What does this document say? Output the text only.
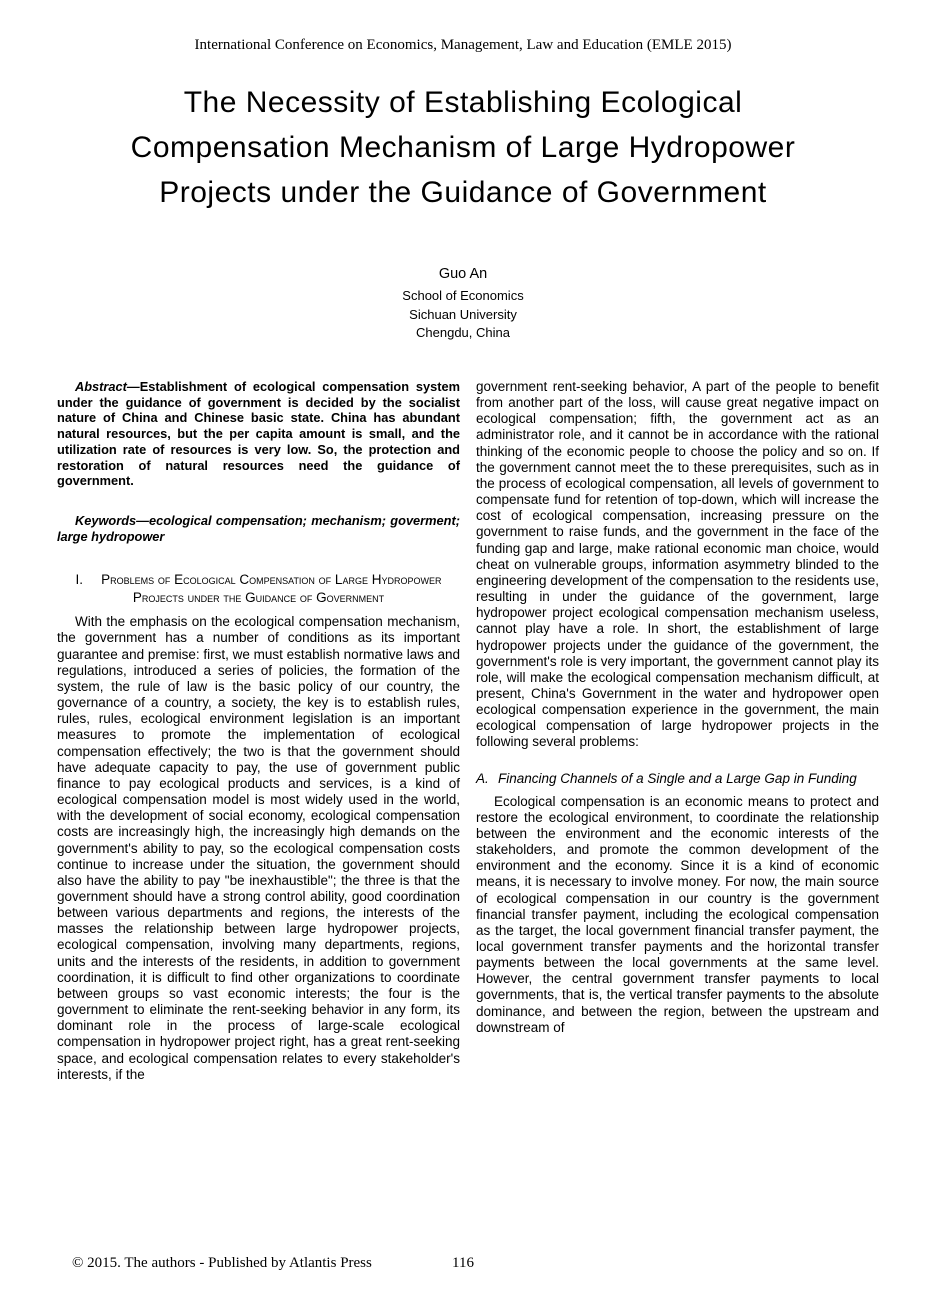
International Conference on Economics, Management, Law and Education (EMLE 2015)
The Necessity of Establishing Ecological
Compensation Mechanism of Large Hydropower
Projects under the Guidance of Government
Guo An
School of Economics
Sichuan University
Chengdu, China

Abstract—Establishment of ecological compensation system under the guidance of government is decided by the socialist nature of China and Chinese basic state. China has abundant natural resources, but the per capita amount is small, and the utilization rate of resources is very low. So, the protection and restoration of natural resources need the guidance of government.

Keywords—ecological compensation; mechanism; goverment; large hydropower

I. Problems of Ecological Compensation of Large Hydropower Projects under the Guidance of Government

With the emphasis on the ecological compensation mechanism, the government has a number of conditions as its important guarantee and premise: first, we must establish normative laws and regulations, introduced a series of policies, the formation of the system, the rule of law is the basic policy of our country, the governance of a country, a society, the key is to establish rules, rules, rules, ecological environment legislation is an important measures to promote the implementation of ecological compensation effectively; the two is that the government should have adequate capacity to pay, the use of government public finance to pay ecological products and services, is a kind of ecological compensation model is most widely used in the world, with the development of social economy, ecological compensation costs are increasingly high, the increasingly high demands on the government's ability to pay, so the ecological compensation costs continue to increase under the situation, the government should also have the ability to pay "be inexhaustible"; the three is that the government should have a strong control ability, good coordination between various departments and regions, the interests of the masses the relationship between large hydropower projects, ecological compensation, involving many departments, regions, units and the interests of the residents, in addition to government coordination, it is difficult to find other organizations to coordinate between groups so vast economic interests; the four is the government to eliminate the rent-seeking behavior in any form, its dominant role in the process of large-scale ecological compensation in hydropower project right, has a great rent-seeking space, and ecological compensation relates to every stakeholder's interests, if the

government rent-seeking behavior, A part of the people to benefit from another part of the loss, will cause great negative impact on ecological compensation; fifth, the government act as an administrator role, and it cannot be in accordance with the rational thinking of the economic people to choose the policy and so on. If the government cannot meet the to these prerequisites, such as in the process of ecological compensation, all levels of government to compensate fund for retention of top-down, which will increase the cost of ecological compensation, increasing pressure on the government to raise funds, and the government in the face of the funding gap and large, make rational economic man choice, would cheat on vulnerable groups, information asymmetry blinded to the engineering development of the compensation to the residents use, resulting in under the guidance of the government, large hydropower project ecological compensation mechanism useless, cannot play have a role. In short, the establishment of large hydropower projects under the guidance of the government, the government's role is very important, the government cannot play its role, will make the ecological compensation mechanism difficult, at present, China's Government in the water and hydropower open ecological compensation experience in the government, the main ecological compensation of large hydropower projects in the following several problems:

A. Financing Channels of a Single and a Large Gap in Funding

Ecological compensation is an economic means to protect and restore the ecological environment, to coordinate the relationship between the environment and the economic interests of the stakeholders, and promote the common development of the environment and the economy. Since it is a kind of economic means, it is necessary to involve money. For now, the main source of ecological compensation in our country is the government financial transfer payment, including the ecological compensation as the target, the local government financial transfer payment, the local government transfer payments and the horizontal transfer payments between the local governments at the same level. However, the central government transfer payments to local governments, that is, the vertical transfer payments to the absolute dominance, and between the region, between the upstream and downstream of

116
© 2015. The authors - Published by Atlantis Press
